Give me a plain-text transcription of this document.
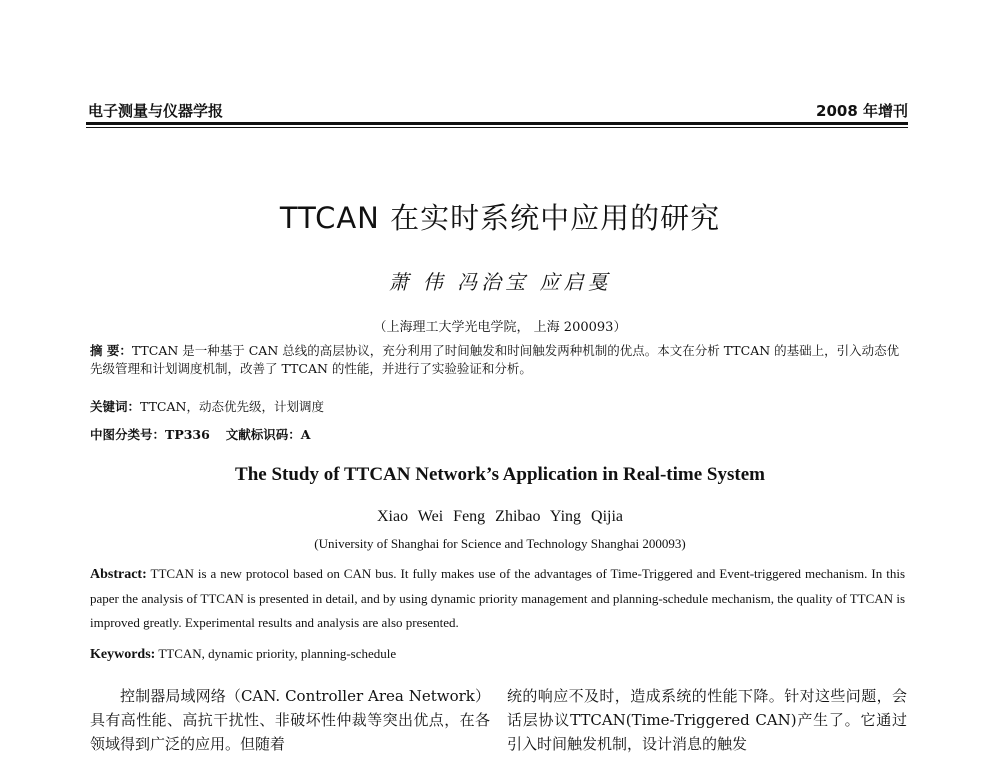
电子测量与仪器学报	2008 年增刊
TTCAN 在实时系统中应用的研究
萧 伟 冯治宝 应启戛
（上海理工大学光电学院， 上海 200093）
摘 要：TTCAN 是一种基于 CAN 总线的高层协议，充分利用了时间触发和时间触发两种机制的优点。本文在分析 TTCAN 的基础上，引入动态优先级管理和计划调度机制，改善了 TTCAN 的性能，并进行了实验验证和分析。
关键词：TTCAN，动态优先级，计划调度
中图分类号：TP336 文献标识码：A
The Study of TTCAN Network’s Application in Real-time System
Xiao Wei Feng Zhibao Ying Qijia
(University of Shanghai for Science and Technology Shanghai 200093)
Abstract: TTCAN is a new protocol based on CAN bus. It fully makes use of the advantages of Time-Triggered and Event-triggered mechanism. In this paper the analysis of TTCAN is presented in detail, and by using dynamic priority management and planning-schedule mechanism, the quality of TTCAN is improved greatly. Experimental results and analysis are also presented.
Keywords: TTCAN, dynamic priority, planning-schedule
控制器局域网络（CAN. Controller Area Network）具有高性能、高抗干扰性、非破坏性仲裁等突出优点，在各领域得到广泛的应用。但随着
统的响应不及时，造成系统的性能下降。针对这些问题，会话层协议TTCAN(Time-Triggered CAN)产生了。它通过引入时间触发机制，设计消息的触发
